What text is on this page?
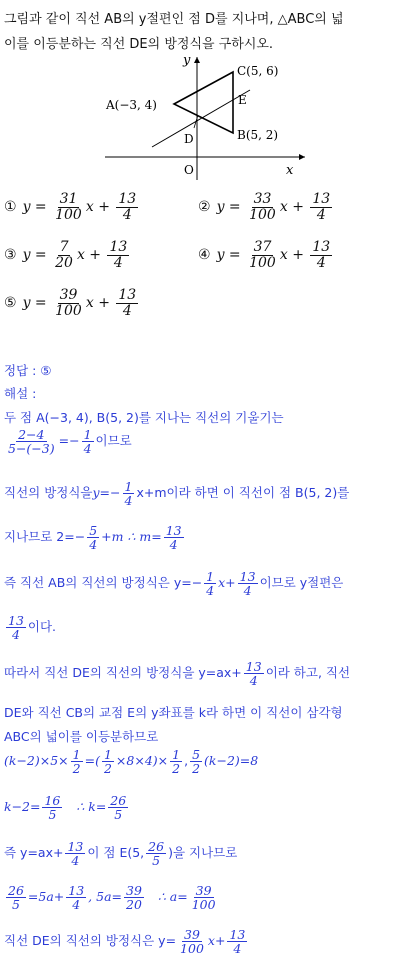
그림과 같이 직선 AB의 y절편인 점 D를 지나며, △ABC의 넓
이를 이등분하는 직선 DE의 방정식을 구하시오.
y
x
O
A(−3, 4)
C(5, 6)
B(5, 2)
E
D
① $y = \frac{31}{100}$ $x + \frac{13}{4}$	② $y = \frac{33}{100}$ $x + \frac{13}{4}$
③ $y = \frac{7}{20}$ $x + \frac{13}{4}$	④ $y = \frac{37}{100}$ $x + \frac{13}{4}$
⑤ $y = \frac{39}{100}$ $x + \frac{13}{4}$
정답 : ⑤
해설 :
두 점 A(−3, 4), B(5, 2)를 지나는 직선의 기울기는
$\frac{2-4}{5-(-3)} =- \frac{1}{4}$ 이므로
직선의 방정식을$y=- \frac{1}{4} x+m$이라 하면 이 직선이 점 B(5, 2)를
지나므로 $2=- \frac{5}{4} +m$ ∴ $m= \frac{13}{4}$
즉 직선 AB의 직선의 방정식은 $y=- \frac{1}{4} x+ \frac{13}{4}$ 이므로 y절편은
$\frac{13}{4}$ 이다.
따라서 직선 DE의 직선의 방정식을 $y=ax+ \frac{13}{4}$ 이라 하고, 직선
DE와 직선 CB의 교점 E의 y좌표를 k라 하면 이 직선이 삼각형
ABC의 넓이를 이등분하므로
$(k-2)\times 5\times \frac{1}{2}$ =( $\frac{1}{2} \times 8\times 4)\times \frac{1}{2}$ , $\frac{5}{2} (k-2)=8$
$k-2= \frac{16}{5}$ ∴ $k= \frac{26}{5}$
즉 $y=ax+ \frac{13}{4}$ 이 점 E(5, $\frac{26}{5}$ )을 지나므로
$\frac{26}{5} =5a+ \frac{13}{4}$ , $5a= \frac{39}{20}$ ∴ $a= \frac{39}{100}$
직선 DE의 직선의 방정식은 $y= \frac{39}{100} x+ \frac{13}{4}$
